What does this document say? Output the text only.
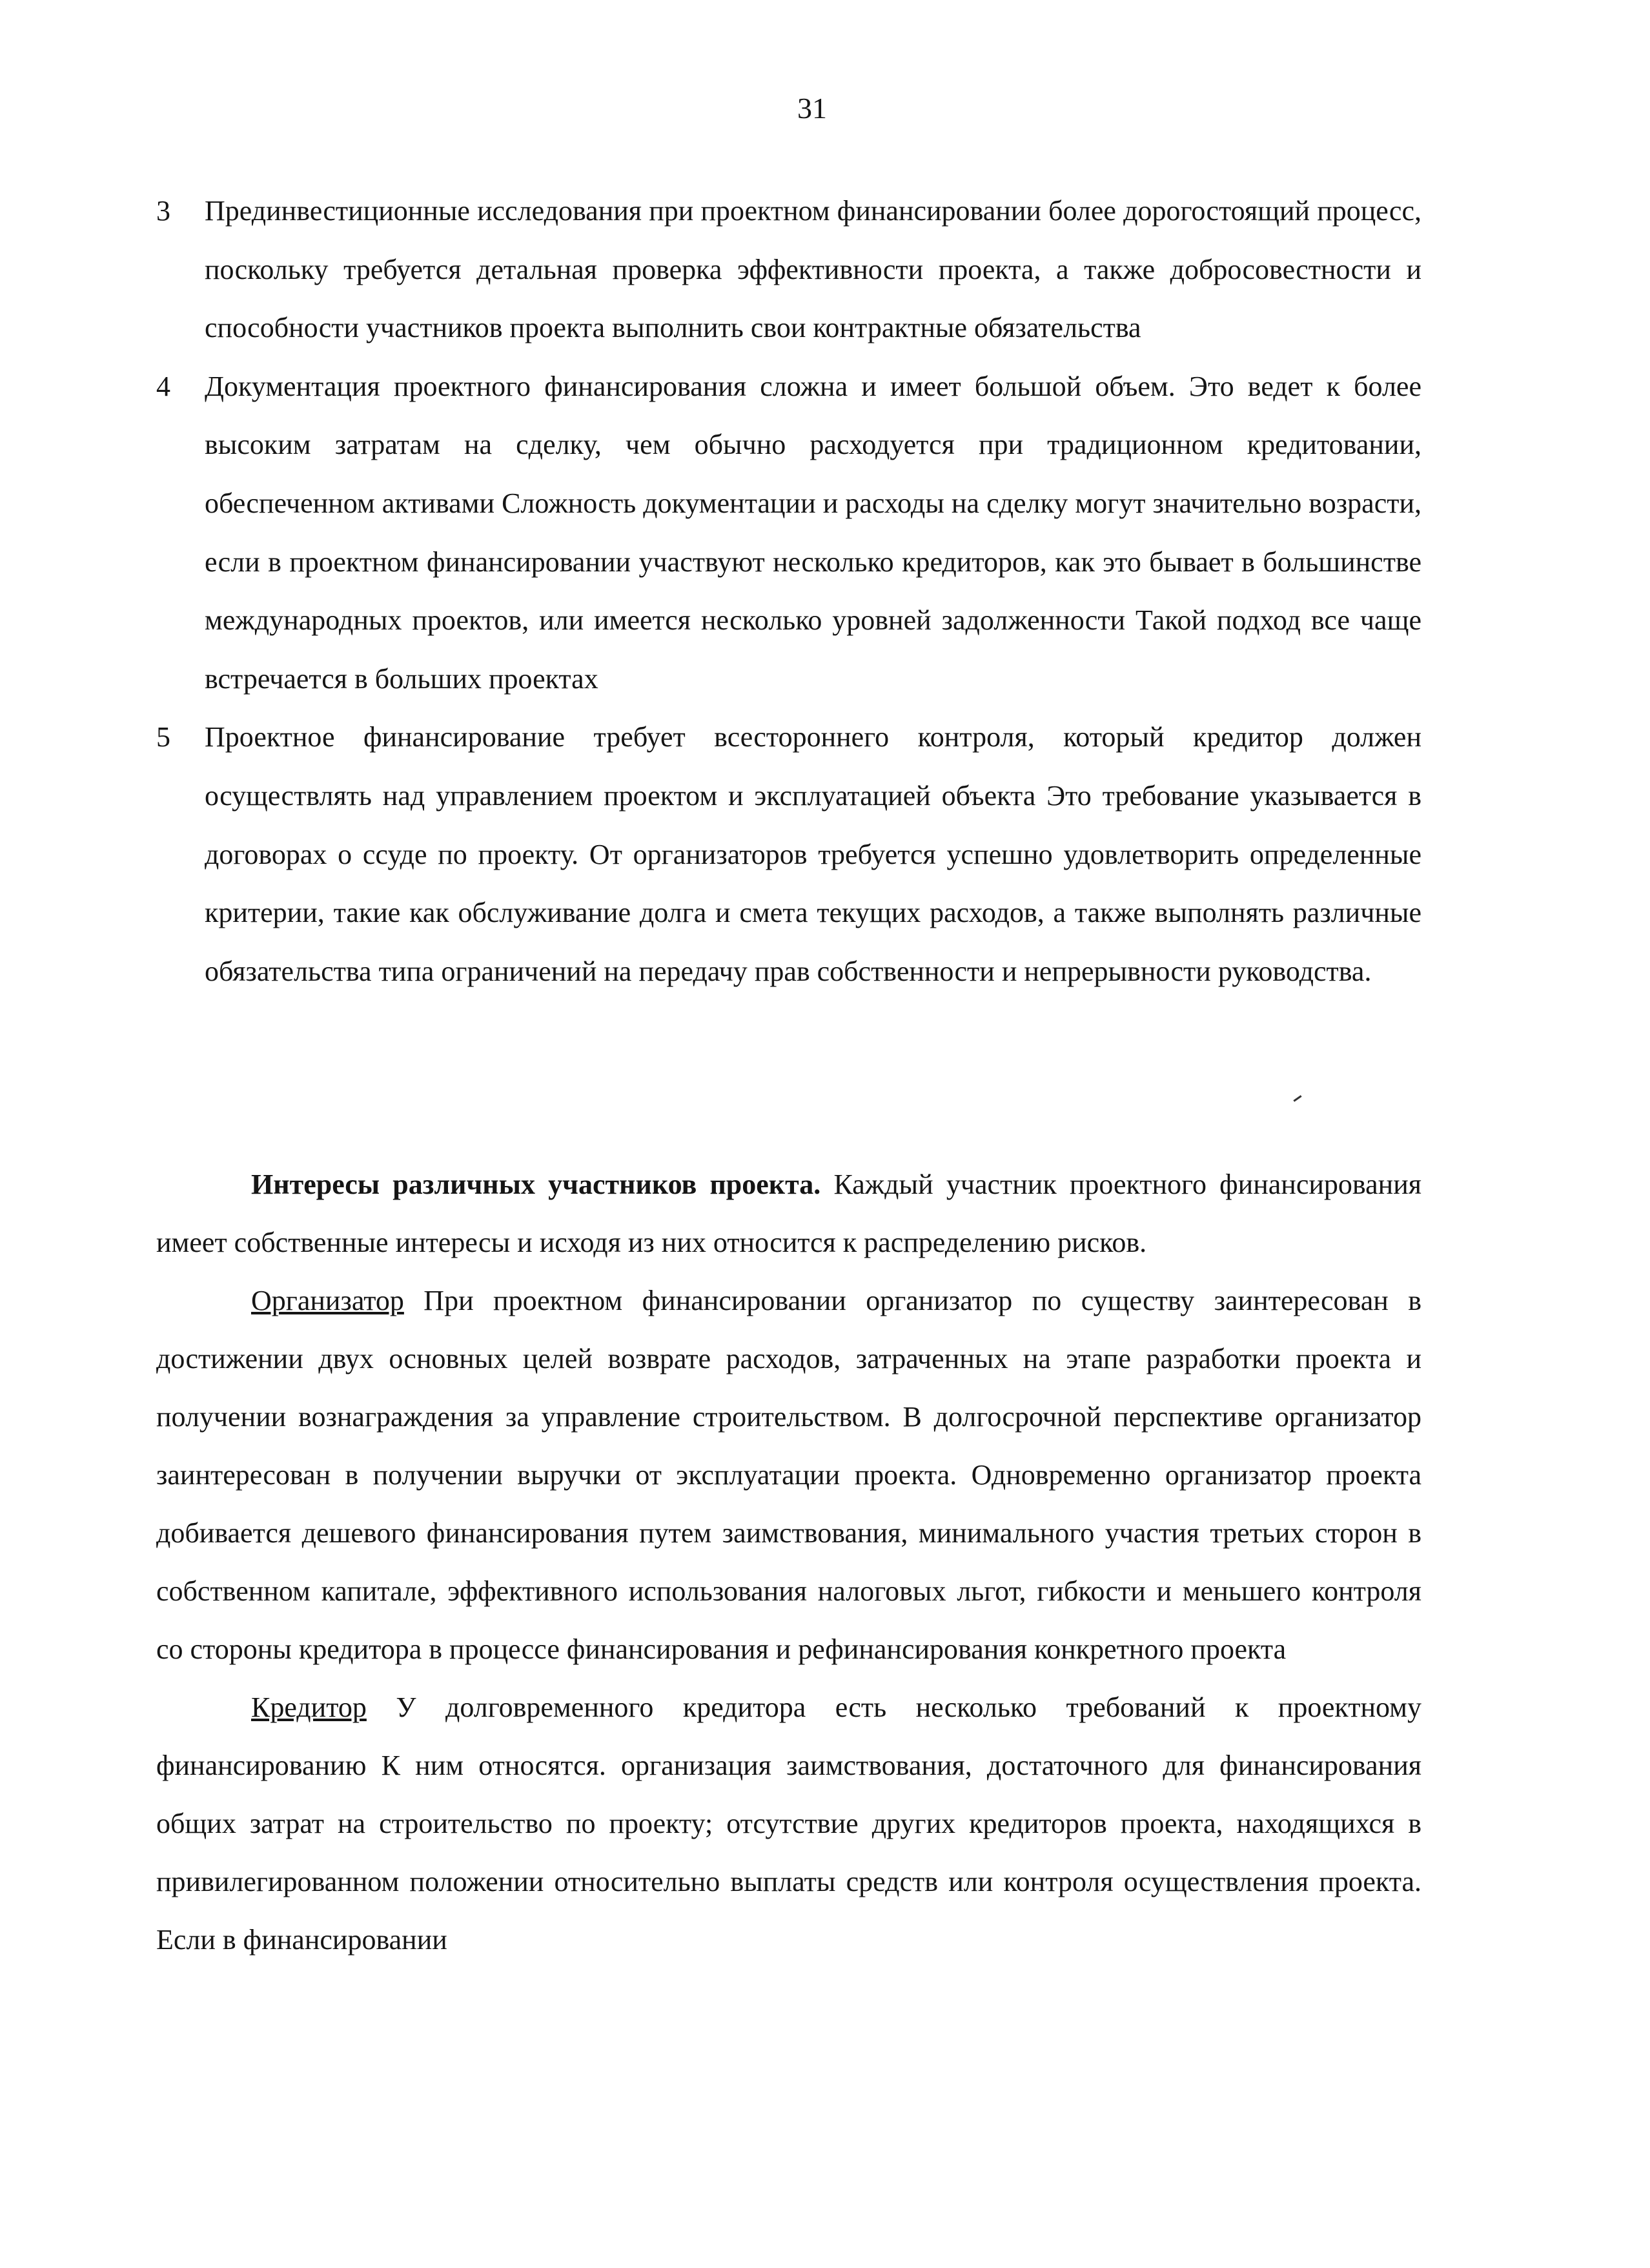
31
3 Прединвестиционные исследования при проектном финансировании более дорогостоящий процесс, поскольку требуется детальная проверка эффективности проекта, а также добросовестности и способности участников проекта выполнить свои контрактные обязательства
4 Документация проектного финансирования сложна и имеет большой объем. Это ведет к более высоким затратам на сделку, чем обычно расходуется при традиционном кредитовании, обеспеченном активами Сложность документации и расходы на сделку могут значительно возрасти, если в проектном финансировании участвуют несколько кредиторов, как это бывает в большинстве международных проектов, или имеется несколько уровней задолженности Такой подход все чаще встречается в больших проектах
5 Проектное финансирование требует всестороннего контроля, который кредитор должен осуществлять над управлением проектом и эксплуатацией объекта Это требование указывается в договорах о ссуде по проекту. От организаторов требуется успешно удовлетворить определенные критерии, такие как обслуживание долга и смета текущих расходов, а также выполнять различные обязательства типа ограничений на передачу прав собственности и непрерывности руководства.

Интересы различных участников проекта. Каждый участник проектного финансирования имеет собственные интересы и исходя из них относится к распределению рисков.

Организатор При проектном финансировании организатор по существу заинтересован в достижении двух основных целей возврате расходов, затраченных на этапе разработки проекта и получении вознаграждения за управление строительством. В долгосрочной перспективе организатор заинтересован в получении выручки от эксплуатации проекта. Одновременно организатор проекта добивается дешевого финансирования путем заимствования, минимального участия третьих сторон в собственном капитале, эффективного использования налоговых льгот, гибкости и меньшего контроля со стороны кредитора в процессе финансирования и рефинансирования конкретного проекта

Кредитор У долговременного кредитора есть несколько требований к проектному финансированию К ним относятся. организация заимствования, достаточного для финансирования общих затрат на строительство по проекту; отсутствие других кредиторов проекта, находящихся в привилегированном положении относительно выплаты средств или контроля осуществления проекта. Если в финансировании
